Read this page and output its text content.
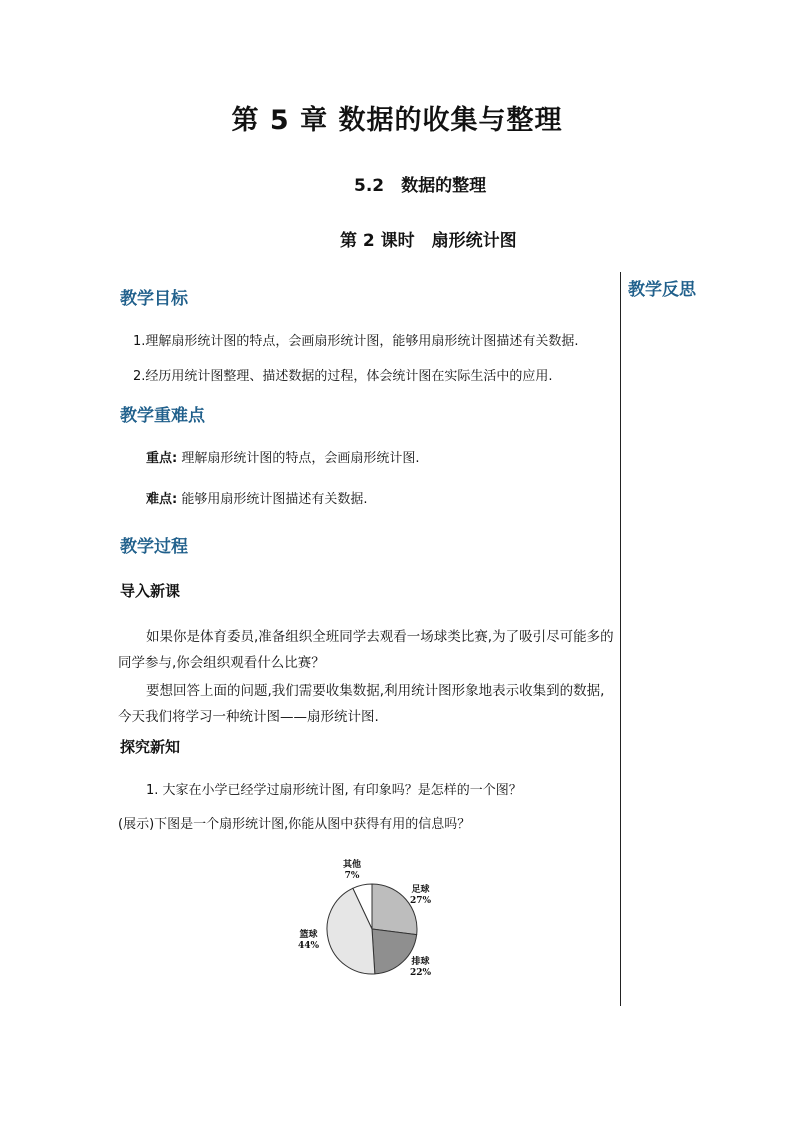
第 5 章 数据的收集与整理
5.2　数据的整理
第 2 课时　扇形统计图
教学反思
教学目标
1.理解扇形统计图的特点，会画扇形统计图，能够用扇形统计图描述有关数据.
2.经历用统计图整理、描述数据的过程，体会统计图在实际生活中的应用.
教学重难点
重点: 理解扇形统计图的特点，会画扇形统计图.
难点: 能够用扇形统计图描述有关数据.
教学过程
导入新课
如果你是体育委员,准备组织全班同学去观看一场球类比赛,为了吸引尽可能多的同学参与,你会组织观看什么比赛？
要想回答上面的问题,我们需要收集数据,利用统计图形象地表示收集到的数据,今天我们将学习一种统计图——扇形统计图.
探究新知
1. 大家在小学已经学过扇形统计图, 有印象吗？是怎样的一个图？
(展示)下图是一个扇形统计图,你能从图中获得有用的信息吗？
其他
7%
足球
27%
排球
22%
篮球
44%
